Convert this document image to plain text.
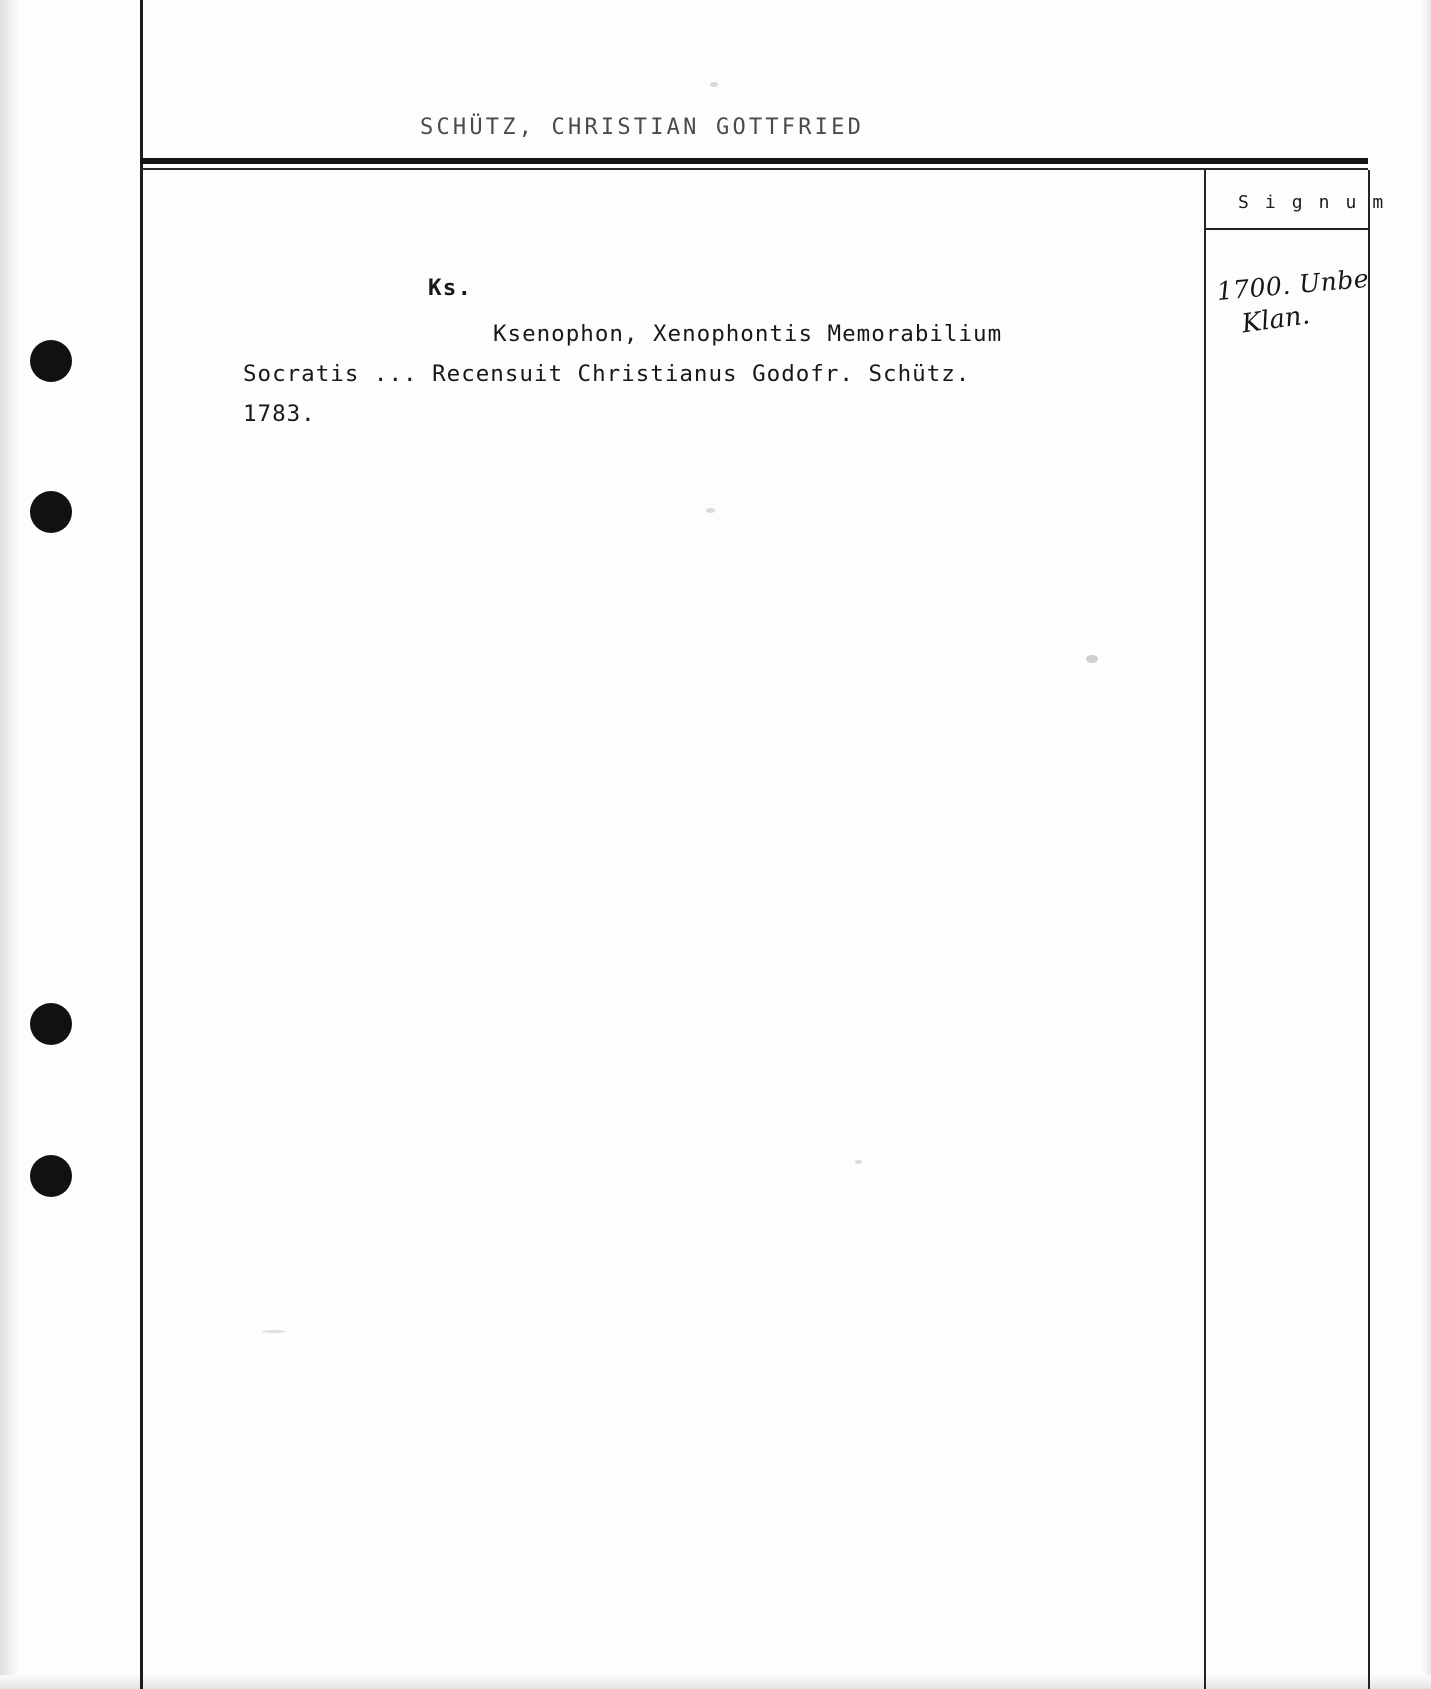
SCHÜTZ, CHRISTIAN GOTTFRIED
S i g n u m
Ks.
Ksenophon, Xenophontis Memorabilium
Socratis ... Recensuit Christianus Godofr. Schütz.
1783.
1700. Unbe
Klan.
